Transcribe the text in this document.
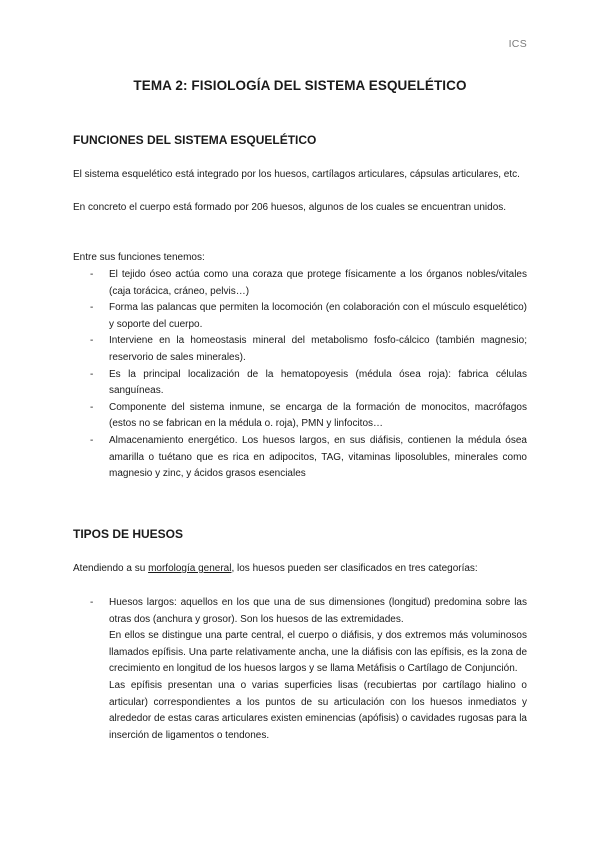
ICS
TEMA 2: FISIOLOGÍA DEL SISTEMA ESQUELÉTICO
FUNCIONES DEL SISTEMA ESQUELÉTICO
El sistema esquelético está integrado por los huesos, cartílagos articulares, cápsulas articulares, etc.
En concreto el cuerpo está formado por 206 huesos, algunos de los cuales se encuentran unidos.
Entre sus funciones tenemos:
- El tejido óseo actúa como una coraza que protege físicamente a los órganos nobles/vitales (caja torácica, cráneo, pelvis…)
- Forma las palancas que permiten la locomoción (en colaboración con el músculo esquelético) y soporte del cuerpo.
- Interviene en la homeostasis mineral del metabolismo fosfo-cálcico (también magnesio; reservorio de sales minerales).
- Es la principal localización de la hematopoyesis (médula ósea roja): fabrica células sanguíneas.
- Componente del sistema inmune, se encarga de la formación de monocitos, macrófagos (estos no se fabrican en la médula o. roja), PMN y linfocitos…
- Almacenamiento energético. Los huesos largos, en sus diáfisis, contienen la médula ósea amarilla o tuétano que es rica en adipocitos, TAG, vitaminas liposolubles, minerales como magnesio y zinc, y ácidos grasos esenciales
TIPOS DE HUESOS
Atendiendo a su morfología general, los huesos pueden ser clasificados en tres categorías:
- Huesos largos: aquellos en los que una de sus dimensiones (longitud) predomina sobre las otras dos (anchura y grosor). Son los huesos de las extremidades.

En ellos se distingue una parte central, el cuerpo o diáfisis, y dos extremos más voluminosos llamados epífisis. Una parte relativamente ancha, une la diáfisis con las epífisis, es la zona de crecimiento en longitud de los huesos largos y se llama Metáfisis o Cartílago de Conjunción.

Las epífisis presentan una o varias superficies lisas (recubiertas por cartílago hialino o articular) correspondientes a los puntos de su articulación con los huesos inmediatos y alrededor de estas caras articulares existen eminencias (apófisis) o cavidades rugosas para la inserción de ligamentos o tendones.
